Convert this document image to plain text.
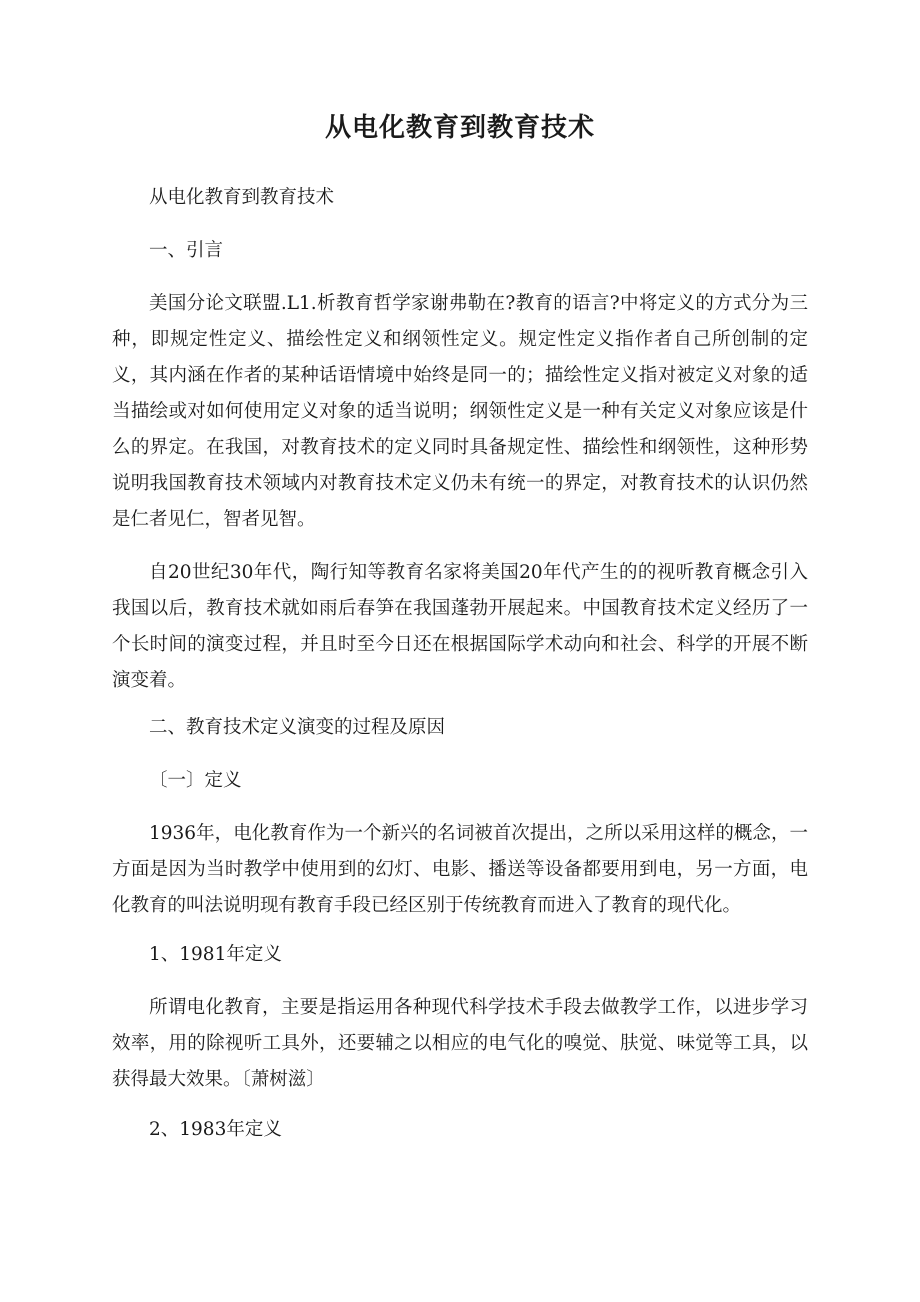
从电化教育到教育技术

从电化教育到教育技术

一、引言

美国分论文联盟.L1.析教育哲学家谢弗勒在?教育的语言?中将定义的方式分为三种，即规定性定义、描绘性定义和纲领性定义。规定性定义指作者自己所创制的定义，其内涵在作者的某种话语情境中始终是同一的；描绘性定义指对被定义对象的适当描绘或对如何使用定义对象的适当说明；纲领性定义是一种有关定义对象应该是什么的界定。在我国，对教育技术的定义同时具备规定性、描绘性和纲领性，这种形势说明我国教育技术领域内对教育技术定义仍未有统一的界定，对教育技术的认识仍然是仁者见仁，智者见智。

自20世纪30年代，陶行知等教育名家将美国20年代产生的的视听教育概念引入我国以后，教育技术就如雨后春笋在我国蓬勃开展起来。中国教育技术定义经历了一个长时间的演变过程，并且时至今日还在根据国际学术动向和社会、科学的开展不断演变着。

二、教育技术定义演变的过程及原因

〔一〕定义

1936年，电化教育作为一个新兴的名词被首次提出，之所以采用这样的概念，一方面是因为当时教学中使用到的幻灯、电影、播送等设备都要用到电，另一方面，电化教育的叫法说明现有教育手段已经区别于传统教育而进入了教育的现代化。

1、1981年定义

所谓电化教育，主要是指运用各种现代科学技术手段去做教学工作，以进步学习效率，用的除视听工具外，还要辅之以相应的电气化的嗅觉、肤觉、味觉等工具，以获得最大效果。〔萧树滋〕

2、1983年定义
